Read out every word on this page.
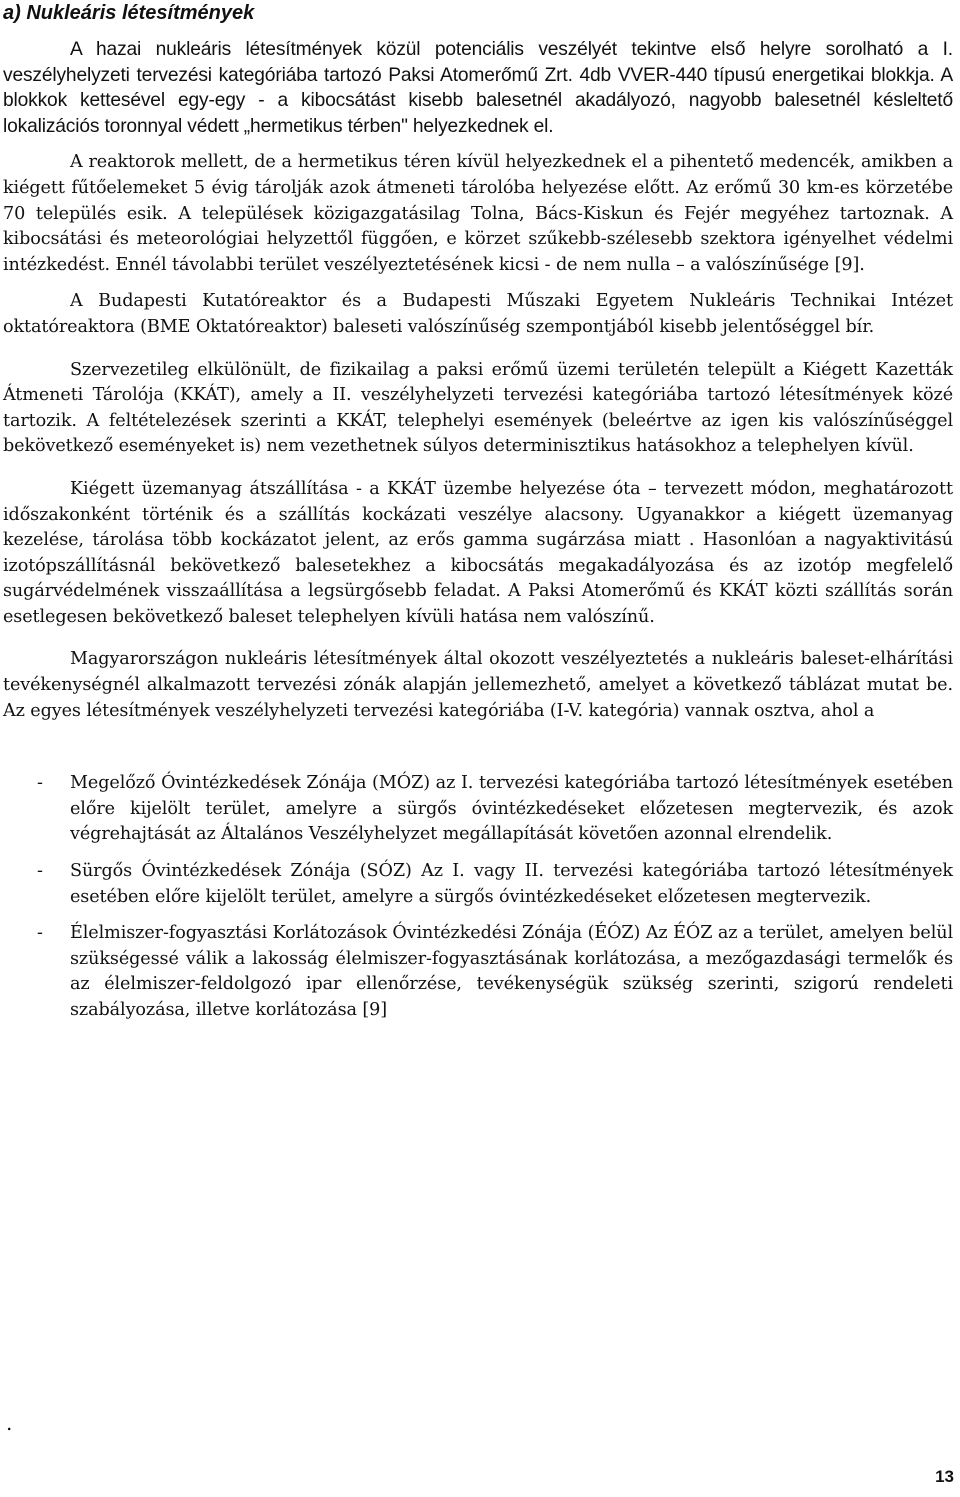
a) Nukleáris létesítmények

A hazai nukleáris létesítmények közül potenciális veszélyét tekintve első helyre sorolható a I. veszélyhelyzeti tervezési kategóriába tartozó Paksi Atomerőmű Zrt. 4db VVER-440 típusú energetikai blokkja. A blokkok kettesével egy-egy - a kibocsátást kisebb balesetnél akadályozó, nagyobb balesetnél késleltető lokalizációs toronnyal védett „hermetikus térben" helyezkednek el.

A reaktorok mellett, de a hermetikus téren kívül helyezkednek el a pihentető medencék, amikben a kiégett fűtőelemeket 5 évig tárolják azok átmeneti tárolóba helyezése előtt. Az erőmű 30 km-es körzetébe 70 település esik. A települések közigazgatásilag Tolna, Bács-Kiskun és Fejér megyéhez tartoznak. A kibocsátási és meteorológiai helyzettől függően, e körzet szűkebb-szélesebb szektora igényelhet védelmi intézkedést. Ennél távolabbi terület veszélyeztetésének kicsi - de nem nulla – a valószínűsége [9].

A Budapesti Kutatóreaktor és a Budapesti Műszaki Egyetem Nukleáris Technikai Intézet oktatóreaktora (BME Oktatóreaktor) baleseti valószínűség szempontjából kisebb jelentőséggel bír.

Szervezetileg elkülönült, de fizikailag a paksi erőmű üzemi területén települt a Kiégett Kazetták Átmeneti Tárolója (KKÁT), amely a II. veszélyhelyzeti tervezési kategóriába tartozó létesítmények közé tartozik. A feltételezések szerinti a KKÁT, telephelyi események (beleértve az igen kis valószínűséggel bekövetkező eseményeket is) nem vezethetnek súlyos determinisztikus hatásokhoz a telephelyen kívül.

Kiégett üzemanyag átszállítása - a KKÁT üzembe helyezése óta – tervezett módon, meghatározott időszakonként történik és a szállítás kockázati veszélye alacsony. Ugyanakkor a kiégett üzemanyag kezelése, tárolása több kockázatot jelent, az erős gamma sugárzása miatt . Hasonlóan a nagyaktivitású izotópszállításnál bekövetkező balesetekhez a kibocsátás megakadályozása és az izotóp megfelelő sugárvédelmének visszaállítása a legsürgősebb feladat. A Paksi Atomerőmű és KKÁT közti szállítás során esetlegesen bekövetkező baleset telephelyen kívüli hatása nem valószínű.

Magyarországon nukleáris létesítmények által okozott veszélyeztetés a nukleáris baleset-elhárítási tevékenységnél alkalmazott tervezési zónák alapján jellemezhető, amelyet a következő táblázat mutat be. Az egyes létesítmények veszélyhelyzeti tervezési kategóriába (I-V. kategória) vannak osztva, ahol a

- Megelőző Óvintézkedések Zónája (MÓZ) az I. tervezési kategóriába tartozó létesítmények esetében előre kijelölt terület, amelyre a sürgős óvintézkedéseket előzetesen megtervezik, és azok végrehajtását az Általános Veszélyhelyzet megállapítását követően azonnal elrendelik.
- Sürgős Óvintézkedések Zónája (SÓZ) Az I. vagy II. tervezési kategóriába tartozó létesítmények esetében előre kijelölt terület, amelyre a sürgős óvintézkedéseket előzetesen megtervezik.
- Élelmiszer-fogyasztási Korlátozások Óvintézkedési Zónája (ÉÓZ) Az ÉÓZ az a terület, amelyen belül szükségessé válik a lakosság élelmiszer-fogyasztásának korlátozása, a mezőgazdasági termelők és az élelmiszer-feldolgozó ipar ellenőrzése, tevékenységük szükség szerinti, szigorú rendeleti szabályozása, illetve korlátozása [9]
.
13
